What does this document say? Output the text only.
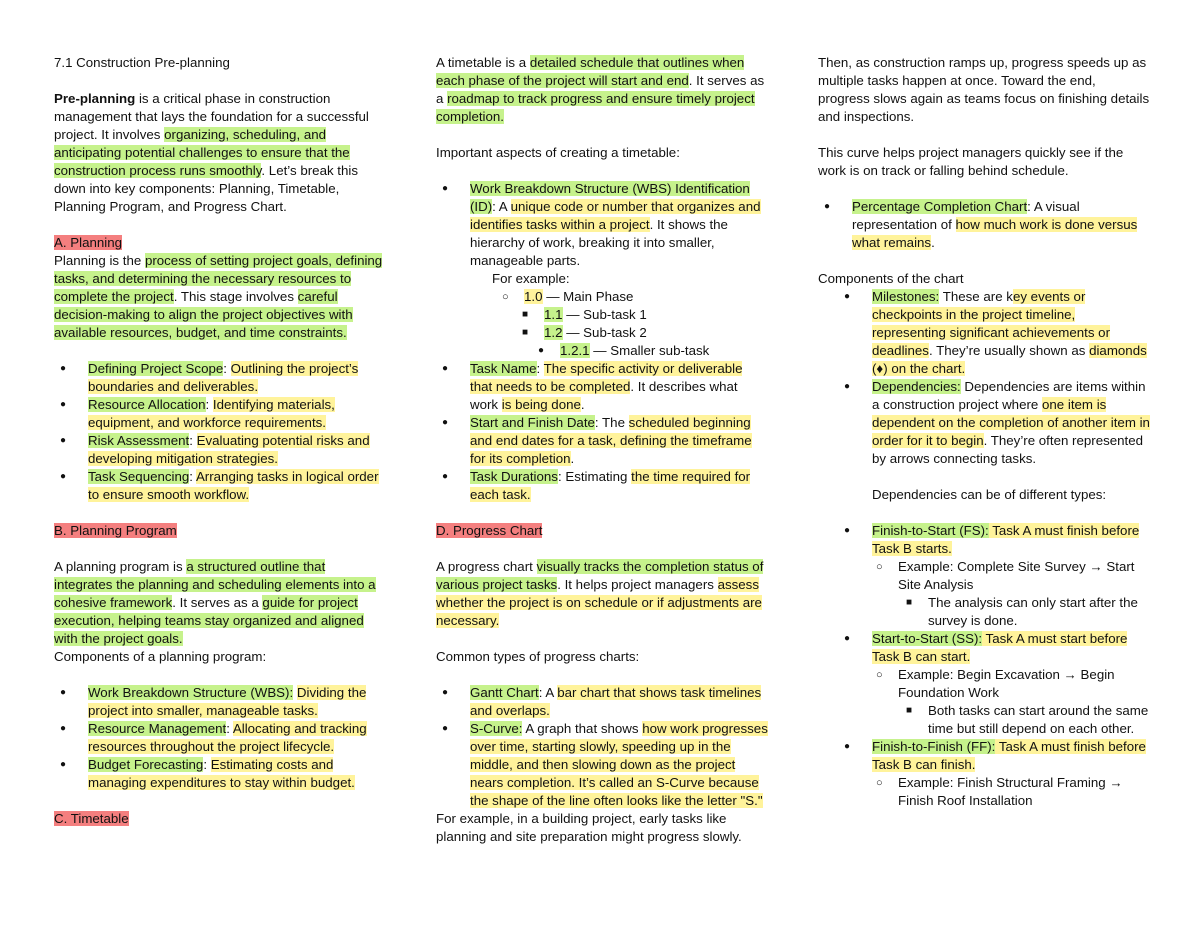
7.1 Construction Pre-planning

Pre-planning is a critical phase in construction management that lays the foundation for a successful project. It involves organizing, scheduling, and anticipating potential challenges to ensure that the construction process runs smoothly. Let’s break this down into key components: Planning, Timetable, Planning Program, and Progress Chart.

A. Planning

Planning is the process of setting project goals, defining tasks, and determining the necessary resources to complete the project. This stage involves careful decision-making to align the project objectives with available resources, budget, and time constraints.

● Defining Project Scope: Outlining the project’s boundaries and deliverables.
● Resource Allocation: Identifying materials, equipment, and workforce requirements.
● Risk Assessment: Evaluating potential risks and developing mitigation strategies.
● Task Sequencing: Arranging tasks in logical order to ensure smooth workflow.

B. Planning Program

A planning program is a structured outline that integrates the planning and scheduling elements into a cohesive framework. It serves as a guide for project execution, helping teams stay organized and aligned with the project goals.

Components of a planning program:

● Work Breakdown Structure (WBS): Dividing the project into smaller, manageable tasks.
● Resource Management: Allocating and tracking resources throughout the project lifecycle.
● Budget Forecasting: Estimating costs and managing expenditures to stay within budget.

C. Timetable

A timetable is a detailed schedule that outlines when each phase of the project will start and end. It serves as a roadmap to track progress and ensure timely project completion.

Important aspects of creating a timetable:

● Work Breakdown Structure (WBS) Identification (ID): A unique code or number that organizes and identifies tasks within a project. It shows the hierarchy of work, breaking it into smaller, manageable parts.
For example:
○ 1.0 — Main Phase
■ 1.1 — Sub-task 1
■ 1.2 — Sub-task 2
● 1.2.1 — Smaller sub-task
● Task Name: The specific activity or deliverable that needs to be completed. It describes what work is being done.
● Start and Finish Date: The scheduled beginning and end dates for a task, defining the timeframe for its completion.
● Task Durations: Estimating the time required for each task.

D. Progress Chart

A progress chart visually tracks the completion status of various project tasks. It helps project managers assess whether the project is on schedule or if adjustments are necessary.

Common types of progress charts:

● Gantt Chart: A bar chart that shows task timelines and overlaps.
● S-Curve: A graph that shows how work progresses over time, starting slowly, speeding up in the middle, and then slowing down as the project nears completion. It’s called an S-Curve because the shape of the line often looks like the letter "S."

For example, in a building project, early tasks like planning and site preparation might progress slowly.

Then, as construction ramps up, progress speeds up as multiple tasks happen at once. Toward the end, progress slows again as teams focus on finishing details and inspections.

This curve helps project managers quickly see if the work is on track or falling behind schedule.

● Percentage Completion Chart: A visual representation of how much work is done versus what remains.

Components of the chart

● Milestones: These are key events or checkpoints in the project timeline, representing significant achievements or deadlines. They’re usually shown as diamonds (♦) on the chart.
● Dependencies: Dependencies are items within a construction project where one item is dependent on the completion of another item in order for it to begin. They’re often represented by arrows connecting tasks.

Dependencies can be of different types:

● Finish-to-Start (FS): Task A must finish before Task B starts.
○ Example: Complete Site Survey → Start Site Analysis
■ The analysis can only start after the survey is done.
● Start-to-Start (SS): Task A must start before Task B can start.
○ Example: Begin Excavation → Begin Foundation Work
■ Both tasks can start around the same time but still depend on each other.
● Finish-to-Finish (FF): Task A must finish before Task B can finish.
○ Example: Finish Structural Framing → Finish Roof Installation
